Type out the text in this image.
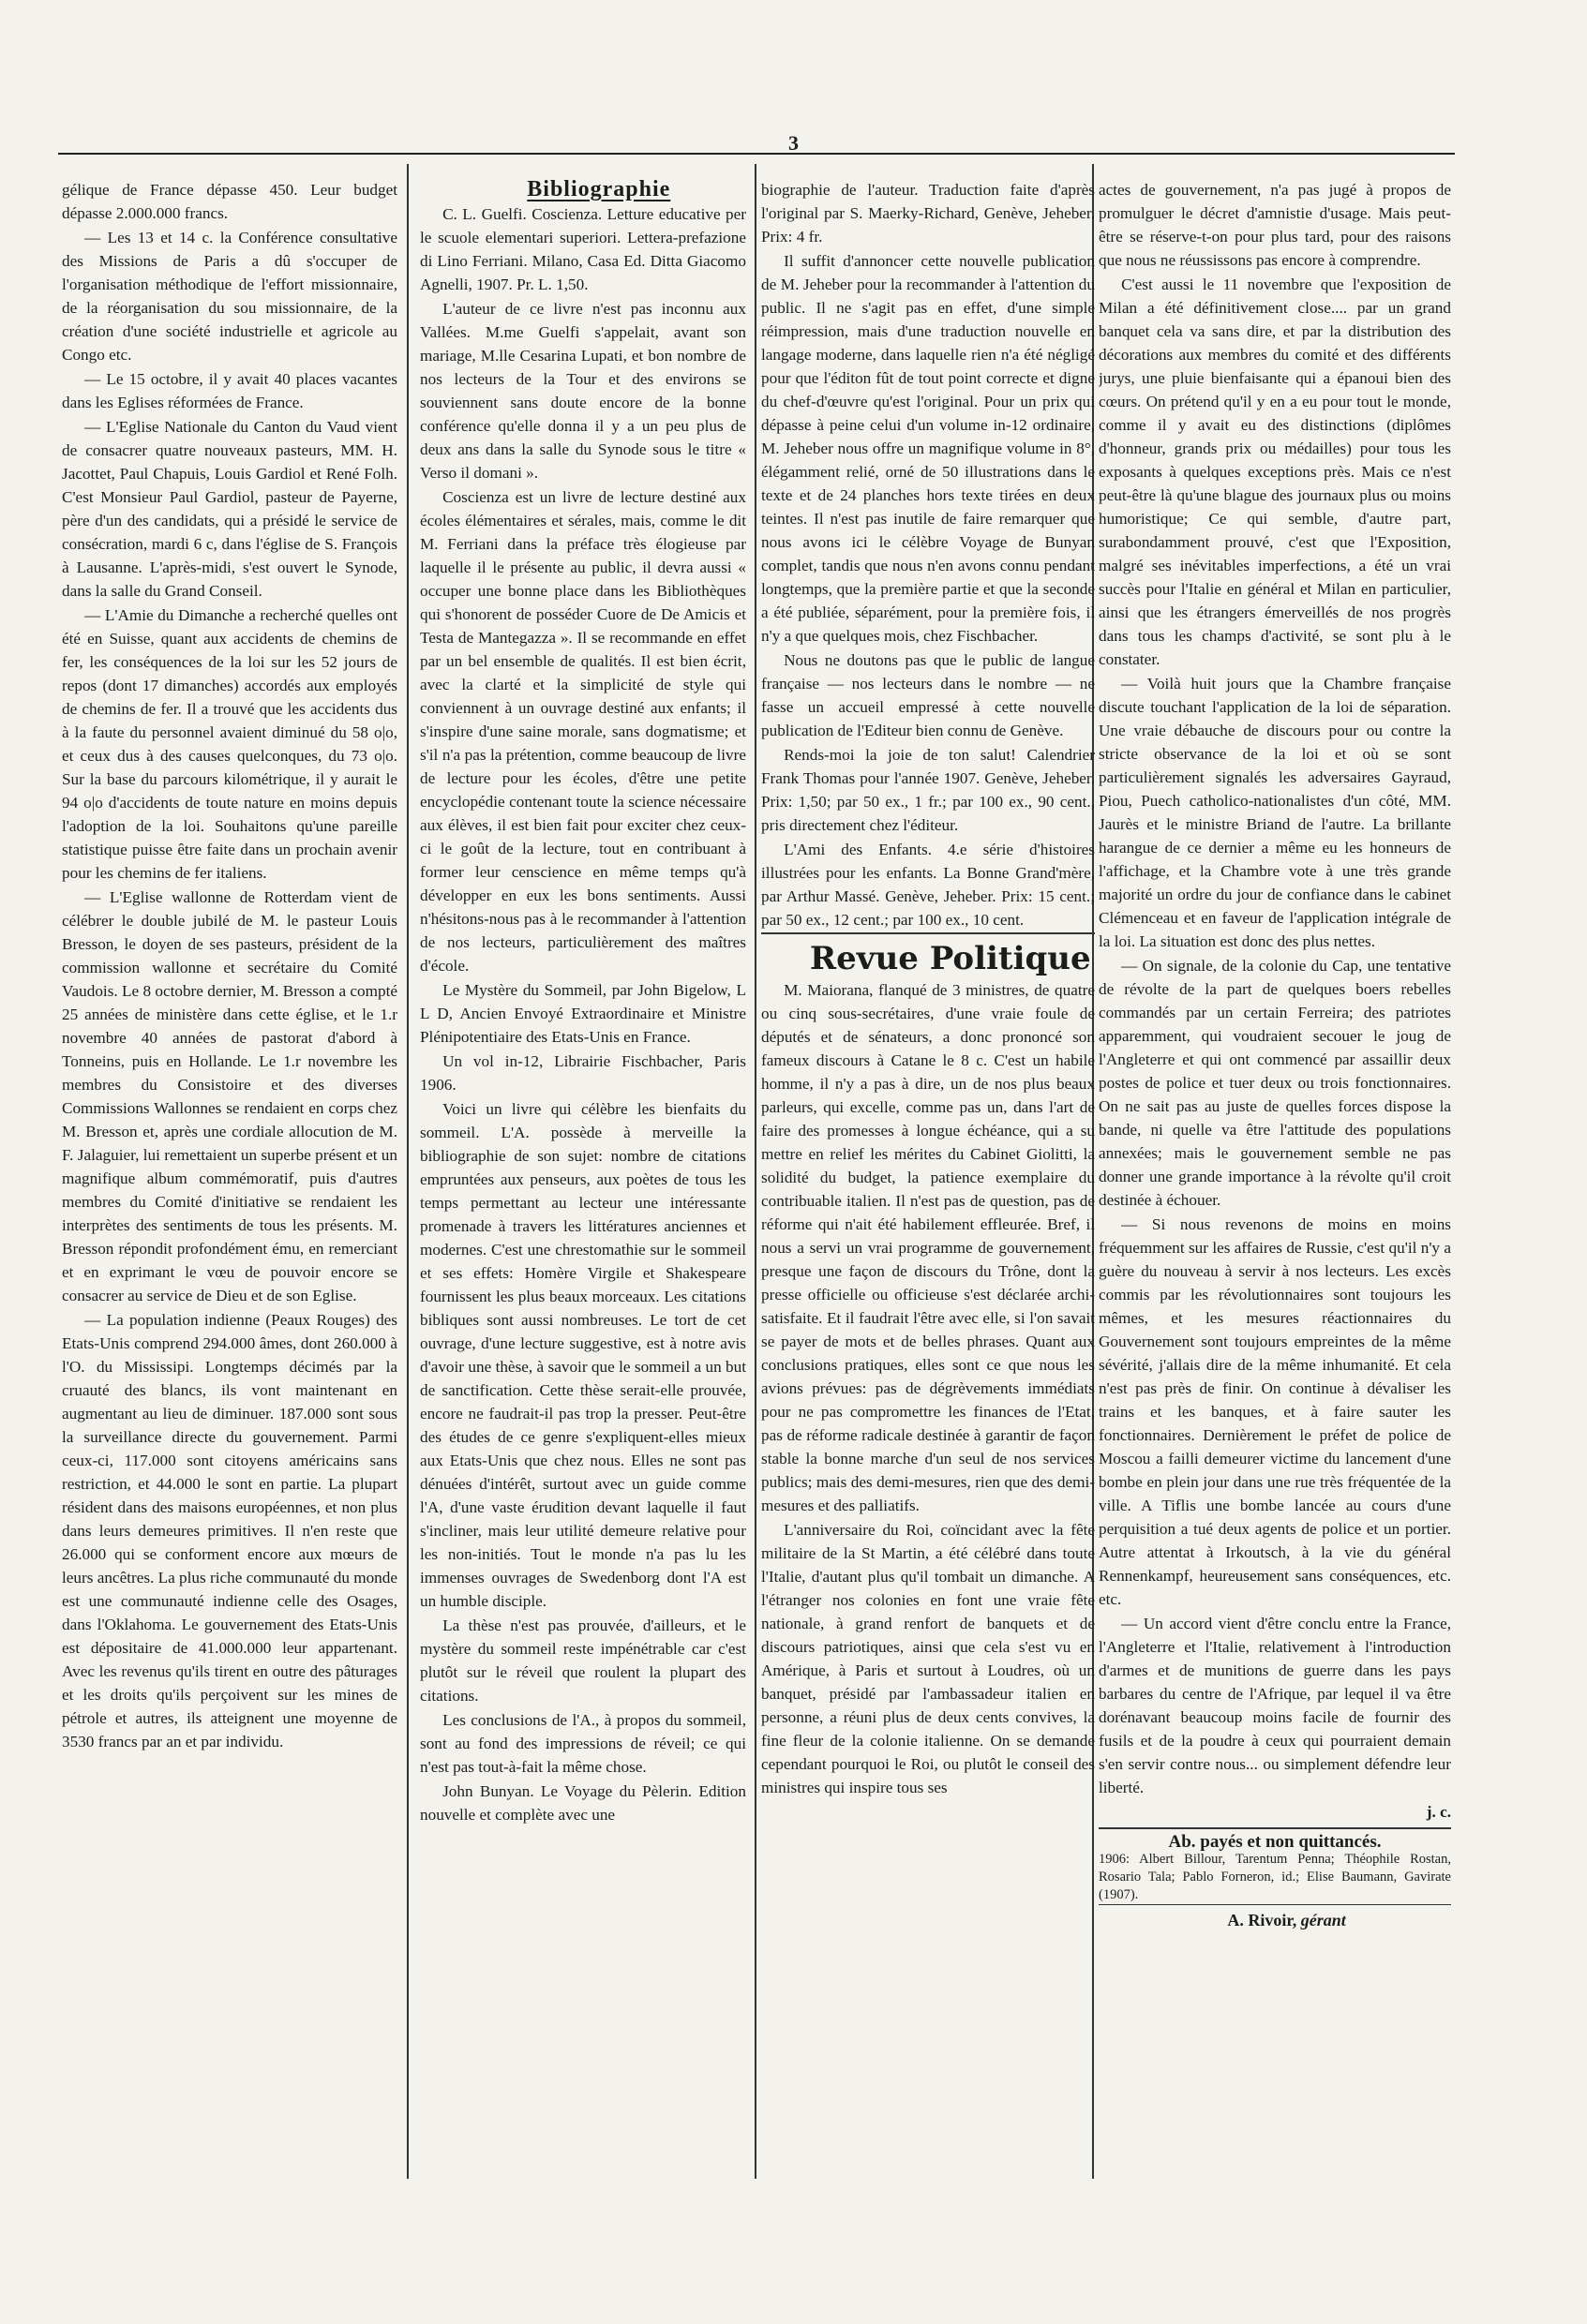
3

gélique de France dépasse 450. Leur budget dépasse 2.000.000 francs.

— Les 13 et 14 c. la Conférence consultative des Missions de Paris a dû s'occuper de l'organisation méthodique de l'effort missionnaire, de la réorganisation du sou missionnaire, de la création d'une société industrielle et agricole au Congo etc.

— Le 15 octobre, il y avait 40 places vacantes dans les Eglises réformées de France.

— L'Eglise Nationale du Canton du Vaud vient de consacrer quatre nouveaux pasteurs, MM. H. Jacottet, Paul Chapuis, Louis Gardiol et René Folh. C'est Monsieur Paul Gardiol, pasteur de Payerne, père d'un des candidats, qui a présidé le service de consécration, mardi 6 c, dans l'église de S. François à Lausanne. L'après-midi, s'est ouvert le Synode, dans la salle du Grand Conseil.

— L'Amie du Dimanche a recherché quelles ont été en Suisse, quant aux accidents de chemins de fer, les conséquences de la loi sur les 52 jours de repos (dont 17 dimanches) accordés aux employés de chemins de fer. Il a trouvé que les accidents dus à la faute du personnel avaient diminué du 58 o|o, et ceux dus à des causes quelconques, du 73 o|o. Sur la base du parcours kilométrique, il y aurait le 94 o|o d'accidents de toute nature en moins depuis l'adoption de la loi. Souhaitons qu'une pareille statistique puisse être faite dans un prochain avenir pour les chemins de fer italiens.

— L'Eglise wallonne de Rotterdam vient de célébrer le double jubilé de M. le pasteur Louis Bresson, le doyen de ses pasteurs, président de la commission wallonne et secrétaire du Comité Vaudois. Le 8 octobre dernier, M. Bresson a compté 25 années de ministère dans cette église, et le 1.r novembre 40 années de pastorat d'abord à Tonneins, puis en Hollande. Le 1.r novembre les membres du Consistoire et des diverses Commissions Wallonnes se rendaient en corps chez M. Bresson et, après une cordiale allocution de M. F. Jalaguier, lui remettaient un superbe présent et un magnifique album commémoratif, puis d'autres membres du Comité d'initiative se rendaient les interprètes des sentiments de tous les présents. M. Bresson répondit profondément ému, en remerciant et en exprimant le vœu de pouvoir encore se consacrer au service de Dieu et de son Eglise.

— La population indienne (Peaux Rouges) des Etats-Unis comprend 294.000 âmes, dont 260.000 à l'O. du Mississipi. Longtemps décimés par la cruauté des blancs, ils vont maintenant en augmentant au lieu de diminuer. 187.000 sont sous la surveillance directe du gouvernement. Parmi ceux-ci, 117.000 sont citoyens américains sans restriction, et 44.000 le sont en partie. La plupart résident dans des maisons européennes, et non plus dans leurs demeures primitives. Il n'en reste que 26.000 qui se conforment encore aux mœurs de leurs ancêtres. La plus riche communauté du monde est une communauté indienne celle des Osages, dans l'Oklahoma. Le gouvernement des Etats-Unis est dépositaire de 41.000.000 leur appartenant. Avec les revenus qu'ils tirent en outre des pâturages et les droits qu'ils perçoivent sur les mines de pétrole et autres, ils atteignent une moyenne de 3530 francs par an et par individu.

Bibliographie

C. L. Guelfi. Coscienza. Letture educative per le scuole elementari superiori. Lettera-prefazione di Lino Ferriani. Milano, Casa Ed. Ditta Giacomo Agnelli, 1907. Pr. L. 1,50.

L'auteur de ce livre n'est pas inconnu aux Vallées. M.me Guelfi s'appelait, avant son mariage, M.lle Cesarina Lupati, et bon nombre de nos lecteurs de la Tour et des environs se souviennent sans doute encore de la bonne conférence qu'elle donna il y a un peu plus de deux ans dans la salle du Synode sous le titre « Verso il domani ».

Coscienza est un livre de lecture destiné aux écoles élémentaires et sérales, mais, comme le dit M. Ferriani dans la préface très élogieuse par laquelle il le présente au public, il devra aussi « occuper une bonne place dans les Bibliothèques qui s'honorent de posséder Cuore de De Amicis et Testa de Mantegazza ». Il se recommande en effet par un bel ensemble de qualités. Il est bien écrit, avec la clarté et la simplicité de style qui conviennent à un ouvrage destiné aux enfants; il s'inspire d'une saine morale, sans dogmatisme; et s'il n'a pas la prétention, comme beaucoup de livre de lecture pour les écoles, d'être une petite encyclopédie contenant toute la science nécessaire aux élèves, il est bien fait pour exciter chez ceux-ci le goût de la lecture, tout en contribuant à former leur censcience en même temps qu'à développer en eux les bons sentiments. Aussi n'hésitons-nous pas à le recommander à l'attention de nos lecteurs, particulièrement des maîtres d'école.

Le Mystère du Sommeil, par John Bigelow, L L D, Ancien Envoyé Extraordinaire et Ministre Plénipotentiaire des Etats-Unis en France.

Un vol in-12, Librairie Fischbacher, Paris 1906.

Voici un livre qui célèbre les bienfaits du sommeil. L'A. possède à merveille la bibliographie de son sujet: nombre de citations empruntées aux penseurs, aux poètes de tous les temps permettant au lecteur une intéressante promenade à travers les littératures anciennes et modernes. C'est une chrestomathie sur le sommeil et ses effets: Homère Virgile et Shakespeare fournissent les plus beaux morceaux. Les citations bibliques sont aussi nombreuses. Le tort de cet ouvrage, d'une lecture suggestive, est à notre avis d'avoir une thèse, à savoir que le sommeil a un but de sanctification. Cette thèse serait-elle prouvée, encore ne faudrait-il pas trop la presser. Peut-être des études de ce genre s'expliquent-elles mieux aux Etats-Unis que chez nous. Elles ne sont pas dénuées d'intérêt, surtout avec un guide comme l'A, d'une vaste érudition devant laquelle il faut s'incliner, mais leur utilité demeure relative pour les non-initiés. Tout le monde n'a pas lu les immenses ouvrages de Swedenborg dont l'A est un humble disciple.

La thèse n'est pas prouvée, d'ailleurs, et le mystère du sommeil reste impénétrable car c'est plutôt sur le réveil que roulent la plupart des citations.

Les conclusions de l'A., à propos du sommeil, sont au fond des impressions de réveil; ce qui n'est pas tout-à-fait la même chose.

John Bunyan. Le Voyage du Pèlerin. Edition nouvelle et complète avec une

biographie de l'auteur. Traduction faite d'après l'original par S. Maerky-Richard, Genève, Jeheber. Prix: 4 fr.

Il suffit d'annoncer cette nouvelle publication de M. Jeheber pour la recommander à l'attention du public. Il ne s'agit pas en effet, d'une simple réimpression, mais d'une traduction nouvelle en langage moderne, dans laquelle rien n'a été négligé pour que l'éditon fût de tout point correcte et digne du chef-d'œuvre qu'est l'original. Pour un prix qui dépasse à peine celui d'un volume in-12 ordinaire, M. Jeheber nous offre un magnifique volume in 8°, élégamment relié, orné de 50 illustrations dans le texte et de 24 planches hors texte tirées en deux teintes. Il n'est pas inutile de faire remarquer que nous avons ici le célèbre Voyage de Bunyan complet, tandis que nous n'en avons connu pendant longtemps, que la première partie et que la seconde a été publiée, séparément, pour la première fois, il n'y a que quelques mois, chez Fischbacher.

Nous ne doutons pas que le public de langue française — nos lecteurs dans le nombre — ne fasse un accueil empressé à cette nouvelle publication de l'Editeur bien connu de Genève.

Rends-moi la joie de ton salut! Calendrier Frank Thomas pour l'année 1907. Genève, Jeheber. Prix: 1,50; par 50 ex., 1 fr.; par 100 ex., 90 cent., pris directement chez l'éditeur.

L'Ami des Enfants. 4.e série d'histoires illustrées pour les enfants. La Bonne Grand'mère, par Arthur Massé. Genève, Jeheber. Prix: 15 cent.; par 50 ex., 12 cent.; par 100 ex., 10 cent.

Revue Politique

M. Maiorana, flanqué de 3 ministres, de quatre ou cinq sous-secrétaires, d'une vraie foule de députés et de sénateurs, a donc prononcé son fameux discours à Catane le 8 c. C'est un habile homme, il n'y a pas à dire, un de nos plus beaux parleurs, qui excelle, comme pas un, dans l'art de faire des promesses à longue échéance, qui a su mettre en relief les mérites du Cabinet Giolitti, la solidité du budget, la patience exemplaire du contribuable italien. Il n'est pas de question, pas de réforme qui n'ait été habilement effleurée. Bref, il nous a servi un vrai programme de gouvernement, presque une façon de discours du Trône, dont la presse officielle ou officieuse s'est déclarée archi-satisfaite. Et il faudrait l'être avec elle, si l'on savait se payer de mots et de belles phrases. Quant aux conclusions pratiques, elles sont ce que nous les avions prévues: pas de dégrèvements immédiats pour ne pas compromettre les finances de l'Etat, pas de réforme radicale destinée à garantir de façon stable la bonne marche d'un seul de nos services publics; mais des demi-mesures, rien que des demi-mesures et des palliatifs.

L'anniversaire du Roi, coïncidant avec la fête militaire de la St Martin, a été célébré dans toute l'Italie, d'autant plus qu'il tombait un dimanche. A l'étranger nos colonies en font une vraie fête nationale, à grand renfort de banquets et de discours patriotiques, ainsi que cela s'est vu en Amérique, à Paris et surtout à Loudres, où un banquet, présidé par l'ambassadeur italien en personne, a réuni plus de deux cents convives, la fine fleur de la colonie italienne. On se demande cependant pourquoi le Roi, ou plutôt le conseil des ministres qui inspire tous ses

actes de gouvernement, n'a pas jugé à propos de promulguer le décret d'amnistie d'usage. Mais peut-être se réserve-t-on pour plus tard, pour des raisons que nous ne réussissons pas encore à comprendre.

C'est aussi le 11 novembre que l'exposition de Milan a été définitivement close.... par un grand banquet cela va sans dire, et par la distribution des décorations aux membres du comité et des différents jurys, une pluie bienfaisante qui a épanoui bien des cœurs. On prétend qu'il y en a eu pour tout le monde, comme il y avait eu des distinctions (diplômes d'honneur, grands prix ou médailles) pour tous les exposants à quelques exceptions près. Mais ce n'est peut-être là qu'une blague des journaux plus ou moins humoristique; Ce qui semble, d'autre part, surabondamment prouvé, c'est que l'Exposition, malgré ses inévitables imperfections, a été un vrai succès pour l'Italie en général et Milan en particulier, ainsi que les étrangers émerveillés de nos progrès dans tous les champs d'activité, se sont plu à le constater.

— Voilà huit jours que la Chambre française discute touchant l'application de la loi de séparation. Une vraie débauche de discours pour ou contre la stricte observance de la loi et où se sont particulièrement signalés les adversaires Gayraud, Piou, Puech catholico-nationalistes d'un côté, MM. Jaurès et le ministre Briand de l'autre. La brillante harangue de ce dernier a même eu les honneurs de l'affichage, et la Chambre vote à une très grande majorité un ordre du jour de confiance dans le cabinet Clémenceau et en faveur de l'application intégrale de la loi. La situation est donc des plus nettes.

— On signale, de la colonie du Cap, une tentative de révolte de la part de quelques boers rebelles commandés par un certain Ferreira; des patriotes apparemment, qui voudraient secouer le joug de l'Angleterre et qui ont commencé par assaillir deux postes de police et tuer deux ou trois fonctionnaires. On ne sait pas au juste de quelles forces dispose la bande, ni quelle va être l'attitude des populations annexées; mais le gouvernement semble ne pas donner une grande importance à la révolte qu'il croit destinée à échouer.

— Si nous revenons de moins en moins fréquemment sur les affaires de Russie, c'est qu'il n'y a guère du nouveau à servir à nos lecteurs. Les excès commis par les révolutionnaires sont toujours les mêmes, et les mesures réactionnaires du Gouvernement sont toujours empreintes de la même sévérité, j'allais dire de la même inhumanité. Et cela n'est pas près de finir. On continue à dévaliser les trains et les banques, et à faire sauter les fonctionnaires. Dernièrement le préfet de police de Moscou a failli demeurer victime du lancement d'une bombe en plein jour dans une rue très fréquentée de la ville. A Tiflis une bombe lancée au cours d'une perquisition a tué deux agents de police et un portier. Autre attentat à Irkoutsch, à la vie du général Rennenkampf, heureusement sans conséquences, etc. etc.

— Un accord vient d'être conclu entre la France, l'Angleterre et l'Italie, relativement à l'introduction d'armes et de munitions de guerre dans les pays barbares du centre de l'Afrique, par lequel il va être dorénavant beaucoup moins facile de fournir des fusils et de la poudre à ceux qui pourraient demain s'en servir contre nous... ou simplement défendre leur liberté.

j. c.

Ab. payés et non quittancés.
1906: Albert Billour, Tarentum Penna; Théophile Rostan, Rosario Tala; Pablo Forneron, id.; Elise Baumann, Gavirate (1907).

A. Rivoir, gérant
